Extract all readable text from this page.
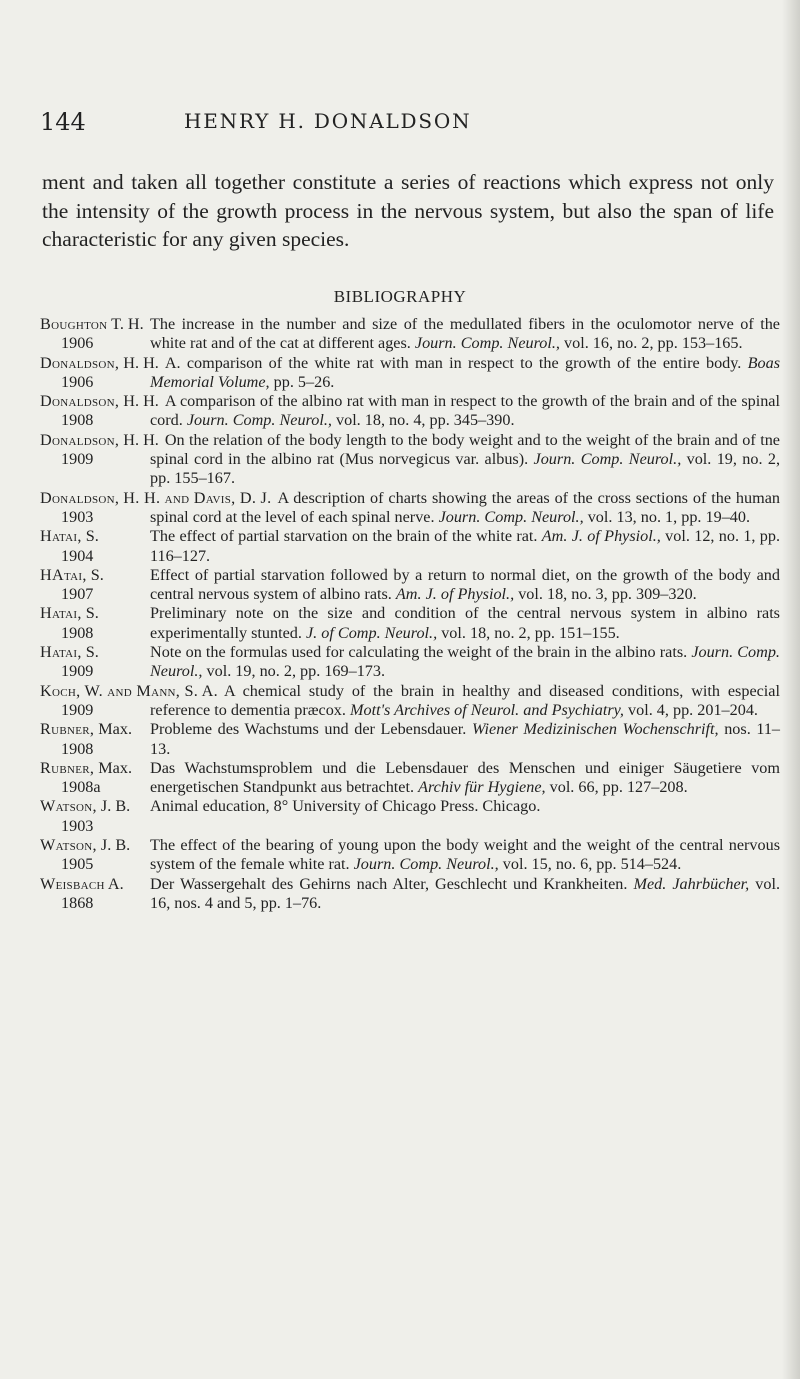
144	HENRY H. DONALDSON
ment and taken all together constitute a series of reactions which express not only the intensity of the growth process in the nervous system, but also the span of life characteristic for any given species.
BIBLIOGRAPHY
Boughton T. H.
1906
The increase in the number and size of the medullated fibers in the oculomotor nerve of the white rat and of the cat at different ages. Journ. Comp. Neurol., vol. 16, no. 2, pp. 153–165.
Donaldson, H. H.
1906
A. comparison of the white rat with man in respect to the growth of the entire body. Boas Memorial Volume, pp. 5–26.
Donaldson, H. H.
1908
A comparison of the albino rat with man in respect to the growth of the brain and of the spinal cord. Journ. Comp. Neurol., vol. 18, no. 4, pp. 345–390.
Donaldson, H. H.
1909
On the relation of the body length to the body weight and to the weight of the brain and of tne spinal cord in the albino rat (Mus norvegicus var. albus). Journ. Comp. Neurol., vol. 19, no. 2, pp. 155–167.
Donaldson, H. H. and Davis, D. J.
1903
A description of charts showing the areas of the cross sections of the human spinal cord at the level of each spinal nerve. Journ. Comp. Neurol., vol. 13, no. 1, pp. 19–40.
Hatai, S.
1904
The effect of partial starvation on the brain of the white rat. Am. J. of Physiol., vol. 12, no. 1, pp. 116–127.
HAtai, S.
1907
Effect of partial starvation followed by a return to normal diet, on the growth of the body and central nervous system of albino rats. Am. J. of Physiol., vol. 18, no. 3, pp. 309–320.
Hatai, S.
1908
Preliminary note on the size and condition of the central nervous system in albino rats experimentally stunted. J. of Comp. Neurol., vol. 18, no. 2, pp. 151–155.
Hatai, S.
1909
Note on the formulas used for calculating the weight of the brain in the albino rats. Journ. Comp. Neurol., vol. 19, no. 2, pp. 169–173.
Koch, W. and Mann, S. A.
1909
A chemical study of the brain in healthy and diseased conditions, with especial reference to dementia præcox. Mott's Archives of Neurol. and Psychiatry, vol. 4, pp. 201–204.
Rubner, Max.
1908
Probleme des Wachstums und der Lebensdauer. Wiener Medizinischen Wochenschrift, nos. 11–13.
Rubner, Max.
1908a
Das Wachstumsproblem und die Lebensdauer des Menschen und einiger Säugetiere vom energetischen Standpunkt aus betrachtet. Archiv für Hygiene, vol. 66, pp. 127–208.
Watson, J. B.
1903
Animal education, 8° University of Chicago Press. Chicago.
Watson, J. B.
1905
The effect of the bearing of young upon the body weight and the weight of the central nervous system of the female white rat. Journ. Comp. Neurol., vol. 15, no. 6, pp. 514–524.
Weisbach A.
1868
Der Wassergehalt des Gehirns nach Alter, Geschlecht und Krankheiten. Med. Jahrbücher, vol. 16, nos. 4 and 5, pp. 1–76.
